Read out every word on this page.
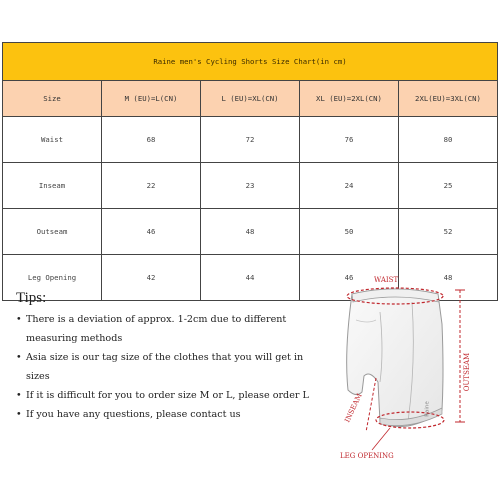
Raine men's Cycling Shorts Size Chart(in cm)				
Size	M (EU)=L(CN)	L (EU)=XL(CN)	XL (EU)=2XL(CN)	2XL(EU)=3XL(CN)
Waist	68	72	76	80
Inseam	22	23	24	25
Outseam	46	48	50	52
Leg Opening	42	44	46	48
Tips:
• There is a deviation of approx. 1-2cm due to different measuring methods
• Asia size is our tag size of the clothes that you will get in sizes
• If it is difficult for you to order size M or L, please order L
• If you have any questions, please contact us
WAIST
OUTSEAM
INSEAM
LEG OPENING
Raine
